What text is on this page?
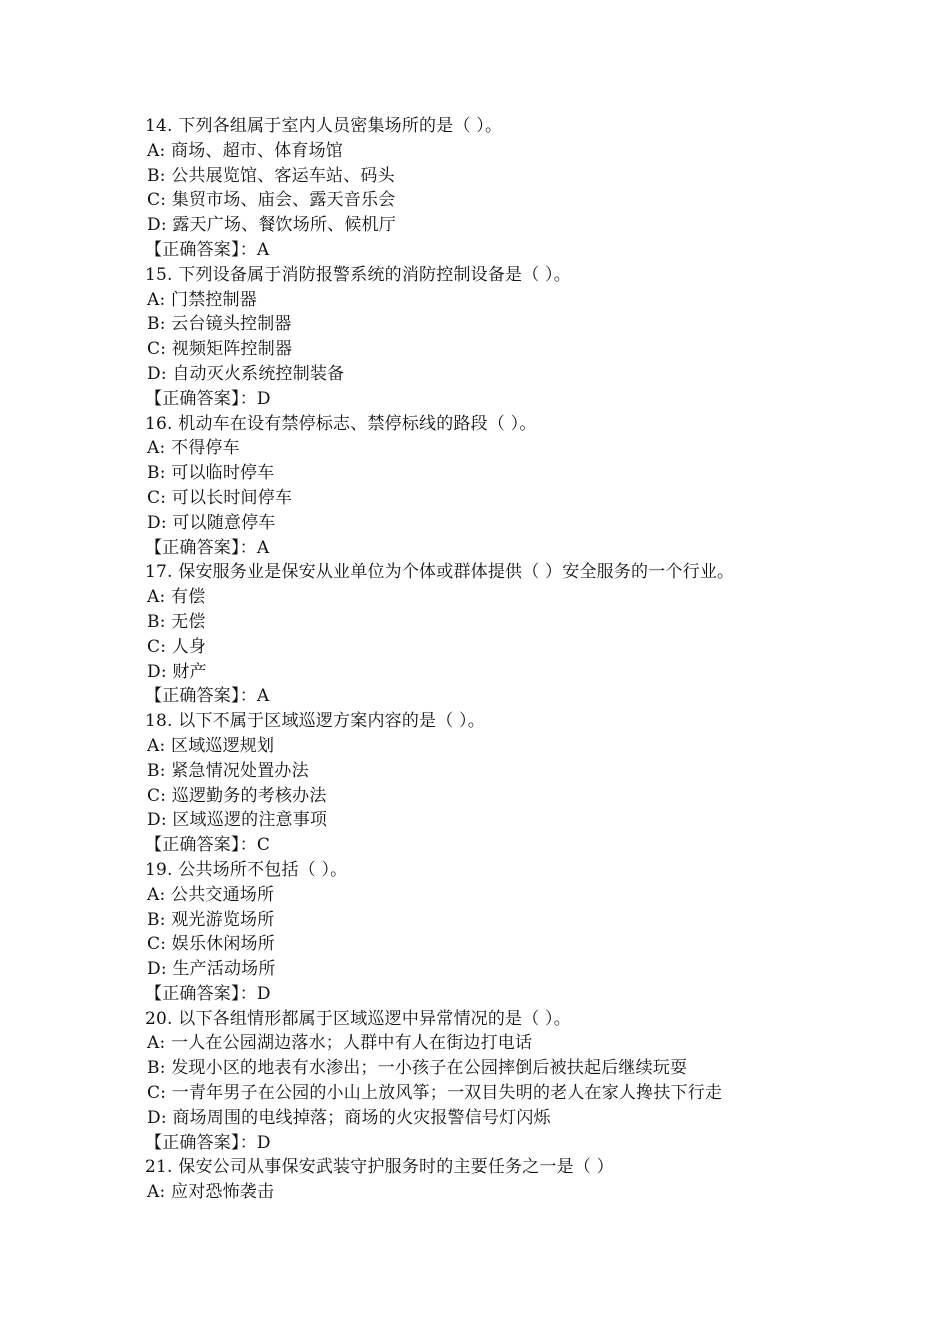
14. 下列各组属于室内人员密集场所的是（ ）。
A: 商场、超市、体育场馆
B: 公共展览馆、客运车站、码头
C: 集贸市场、庙会、露天音乐会
D: 露天广场、餐饮场所、候机厅
【正确答案】：A
15. 下列设备属于消防报警系统的消防控制设备是（ ）。
A: 门禁控制器
B: 云台镜头控制器
C: 视频矩阵控制器
D: 自动灭火系统控制装备
【正确答案】：D
16. 机动车在设有禁停标志、禁停标线的路段（ ）。
A: 不得停车
B: 可以临时停车
C: 可以长时间停车
D: 可以随意停车
【正确答案】：A
17. 保安服务业是保安从业单位为个体或群体提供（ ）安全服务的一个行业。
A: 有偿
B: 无偿
C: 人身
D: 财产
【正确答案】：A
18. 以下不属于区域巡逻方案内容的是（ ）。
A: 区域巡逻规划
B: 紧急情况处置办法
C: 巡逻勤务的考核办法
D: 区域巡逻的注意事项
【正确答案】：C
19. 公共场所不包括（ ）。
A: 公共交通场所
B: 观光游览场所
C: 娱乐休闲场所
D: 生产活动场所
【正确答案】：D
20. 以下各组情形都属于区域巡逻中异常情况的是（ ）。
A: 一人在公园湖边落水；人群中有人在街边打电话
B: 发现小区的地表有水渗出；一小孩子在公园摔倒后被扶起后继续玩耍
C: 一青年男子在公园的小山上放风筝；一双目失明的老人在家人搀扶下行走
D: 商场周围的电线掉落；商场的火灾报警信号灯闪烁
【正确答案】：D
21. 保安公司从事保安武装守护服务时的主要任务之一是（ ）
A: 应对恐怖袭击
